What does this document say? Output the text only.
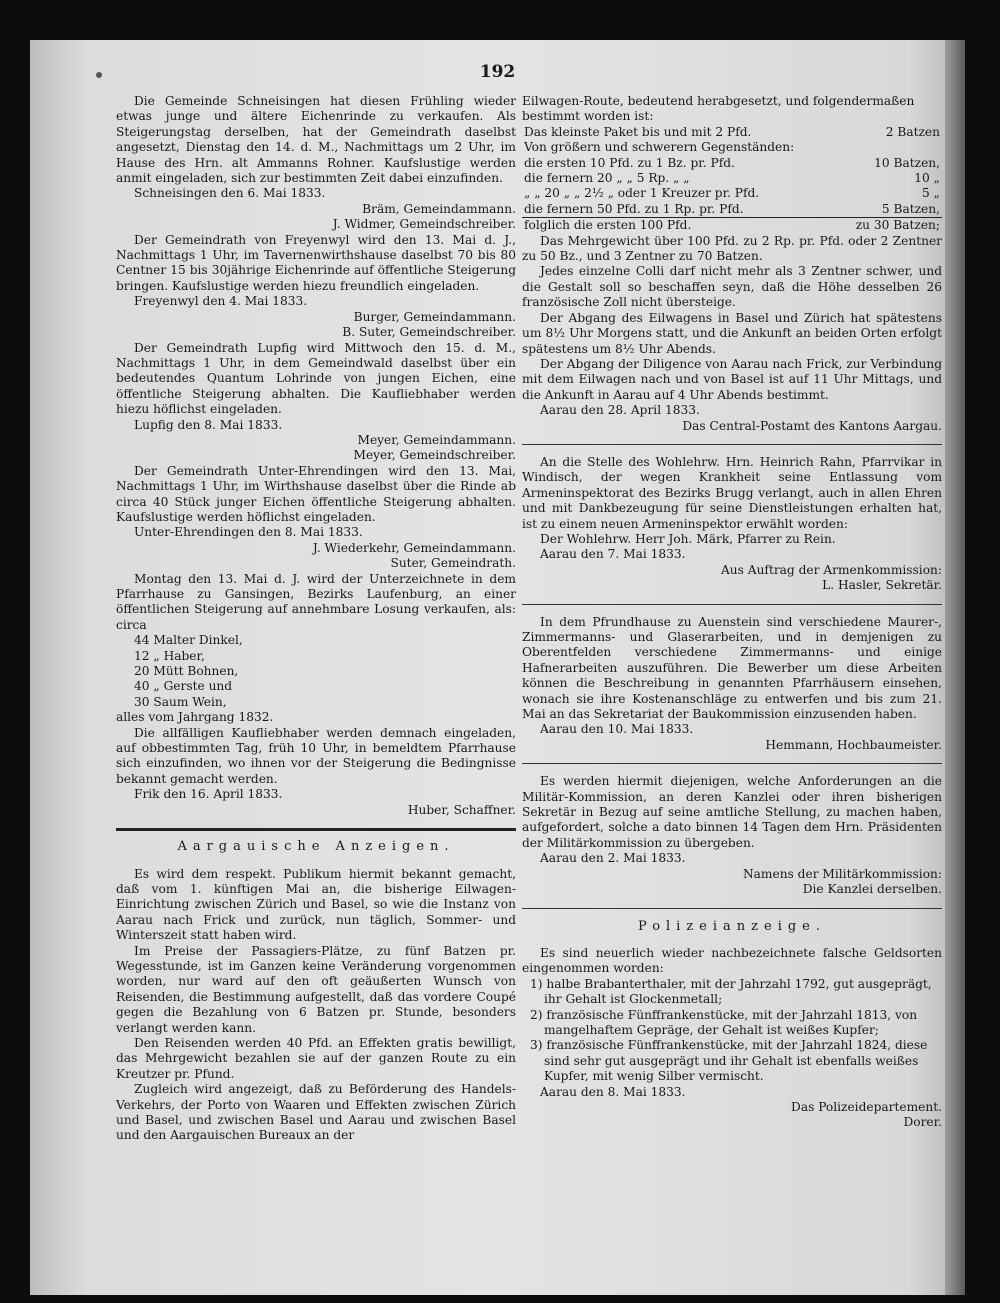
192

Die Gemeinde Schneisingen hat diesen Frühling wieder etwas junge und ältere Eichenrinde zu verkaufen. Als Steigerungstag derselben, hat der Gemeindrath daselbst angesetzt, Dienstag den 14. d. M., Nachmittags um 2 Uhr, im Hause des Hrn. alt Ammanns Rohner. Kaufslustige werden anmit eingeladen, sich zur bestimmten Zeit dabei einzufinden.

Schneisingen den 6. Mai 1833.

Bräm, Gemeindammann.

J. Widmer, Gemeindschreiber.

Der Gemeindrath von Freyenwyl wird den 13. Mai d. J., Nachmittags 1 Uhr, im Tavernenwirthshause daselbst 70 bis 80 Centner 15 bis 30jährige Eichenrinde auf öffentliche Steigerung bringen. Kaufslustige werden hiezu freundlich eingeladen.

Freyenwyl den 4. Mai 1833.

Burger, Gemeindammann.

B. Suter, Gemeindschreiber.

Der Gemeindrath Lupfig wird Mittwoch den 15. d. M., Nachmittags 1 Uhr, in dem Gemeindwald daselbst über ein bedeutendes Quantum Lohrinde von jungen Eichen, eine öffentliche Steigerung abhalten. Die Kaufliebhaber werden hiezu höflichst eingeladen.

Lupfig den 8. Mai 1833.

Meyer, Gemeindammann.

Meyer, Gemeindschreiber.

Der Gemeindrath Unter-Ehrendingen wird den 13. Mai, Nachmittags 1 Uhr, im Wirthshause daselbst über die Rinde ab circa 40 Stück junger Eichen öffentliche Steigerung abhalten. Kaufslustige werden höflichst eingeladen.

Unter-Ehrendingen den 8. Mai 1833.

J. Wiederkehr, Gemeindammann.

Suter, Gemeindrath.

Montag den 13. Mai d. J. wird der Unterzeichnete in dem Pfarrhause zu Gansingen, Bezirks Laufenburg, an einer öffentlichen Steigerung auf annehmbare Losung verkaufen, als: circa

44 Malter Dinkel,
12 „ Haber,
20 Mütt Bohnen,
40 „ Gerste und
30 Saum Wein,

alles vom Jahrgang 1832.

Die allfälligen Kaufliebhaber werden demnach eingeladen, auf obbestimmten Tag, früh 10 Uhr, in bemeldtem Pfarrhause sich einzufinden, wo ihnen vor der Steigerung die Bedingnisse bekannt gemacht werden.

Frik den 16. April 1833.

Huber, Schaffner.

Aargauische Anzeigen.

Es wird dem respekt. Publikum hiermit bekannt gemacht, daß vom 1. künftigen Mai an, die bisherige Eilwagen-Einrichtung zwischen Zürich und Basel, so wie die Instanz von Aarau nach Frick und zurück, nun täglich, Sommer- und Winterszeit statt haben wird.

Im Preise der Passagiers-Plätze, zu fünf Batzen pr. Wegesstunde, ist im Ganzen keine Veränderung vorgenommen worden, nur ward auf den oft geäußerten Wunsch von Reisenden, die Bestimmung aufgestellt, daß das vordere Coupé gegen die Bezahlung von 6 Batzen pr. Stunde, besonders verlangt werden kann.

Den Reisenden werden 40 Pfd. an Effekten gratis bewilligt, das Mehrgewicht bezahlen sie auf der ganzen Route zu ein Kreutzer pr. Pfund.

Zugleich wird angezeigt, daß zu Beförderung des Handels-Verkehrs, der Porto von Waaren und Effekten zwischen Zürich und Basel, und zwischen Basel und Aarau und zwischen Basel und den Aargauischen Bureaux an der

Eilwagen-Route, bedeutend herabgesetzt, und folgendermaßen bestimmt worden ist:

Das kleinste Paket bis und mit 2 Pfd.	2 Batzen
Von größern und schwerern Gegenständen:	
die ersten 10 Pfd. zu 1 Bz. pr. Pfd.	10 Batzen,
die fernern 20 „ „ 5 Rp. „ „	10 „
„ „ 20 „ „ 2½ „ oder 1 Kreuzer pr. Pfd.	5 „
die fernern 50 Pfd. zu 1 Rp. pr. Pfd.	5 Batzen,
folglich die ersten 100 Pfd.	zu 30 Batzen;

Das Mehrgewicht über 100 Pfd. zu 2 Rp. pr. Pfd. oder 2 Zentner zu 50 Bz., und 3 Zentner zu 70 Batzen.

Jedes einzelne Colli darf nicht mehr als 3 Zentner schwer, und die Gestalt soll so beschaffen seyn, daß die Höhe desselben 26 französische Zoll nicht übersteige.

Der Abgang des Eilwagens in Basel und Zürich hat spätestens um 8½ Uhr Morgens statt, und die Ankunft an beiden Orten erfolgt spätestens um 8½ Uhr Abends.

Der Abgang der Diligence von Aarau nach Frick, zur Verbindung mit dem Eilwagen nach und von Basel ist auf 11 Uhr Mittags, und die Ankunft in Aarau auf 4 Uhr Abends bestimmt.

Aarau den 28. April 1833.

Das Central-Postamt des Kantons Aargau.

An die Stelle des Wohlehrw. Hrn. Heinrich Rahn, Pfarrvikar in Windisch, der wegen Krankheit seine Entlassung vom Armeninspektorat des Bezirks Brugg verlangt, auch in allen Ehren und mit Dankbezeugung für seine Dienstleistungen erhalten hat, ist zu einem neuen Armeninspektor erwählt worden:

Der Wohlehrw. Herr Joh. Märk, Pfarrer zu Rein.

Aarau den 7. Mai 1833.

Aus Auftrag der Armenkommission:

L. Hasler, Sekretär.

In dem Pfrundhause zu Auenstein sind verschiedene Maurer-, Zimmermanns- und Glaserarbeiten, und in demjenigen zu Oberentfelden verschiedene Zimmermanns- und einige Hafnerarbeiten auszuführen. Die Bewerber um diese Arbeiten können die Beschreibung in genannten Pfarrhäusern einsehen, wonach sie ihre Kostenanschläge zu entwerfen und bis zum 21. Mai an das Sekretariat der Baukommission einzusenden haben.

Aarau den 10. Mai 1833.

Hemmann, Hochbaumeister.

Es werden hiermit diejenigen, welche Anforderungen an die Militär-Kommission, an deren Kanzlei oder ihren bisherigen Sekretär in Bezug auf seine amtliche Stellung, zu machen haben, aufgefordert, solche a dato binnen 14 Tagen dem Hrn. Präsidenten der Militärkommission zu übergeben.

Aarau den 2. Mai 1833.

Namens der Militärkommission:

Die Kanzlei derselben.

Polizeianzeige.

Es sind neuerlich wieder nachbezeichnete falsche Geldsorten eingenommen worden:

1) halbe Brabanterthaler, mit der Jahrzahl 1792, gut ausgeprägt, ihr Gehalt ist Glockenmetall;
2) französische Fünffrankenstücke, mit der Jahrzahl 1813, von mangelhaftem Gepräge, der Gehalt ist weißes Kupfer;
3) französische Fünffrankenstücke, mit der Jahrzahl 1824, diese sind sehr gut ausgeprägt und ihr Gehalt ist ebenfalls weißes Kupfer, mit wenig Silber vermischt.

Aarau den 8. Mai 1833.

Das Polizeidepartement.

Dorer.
